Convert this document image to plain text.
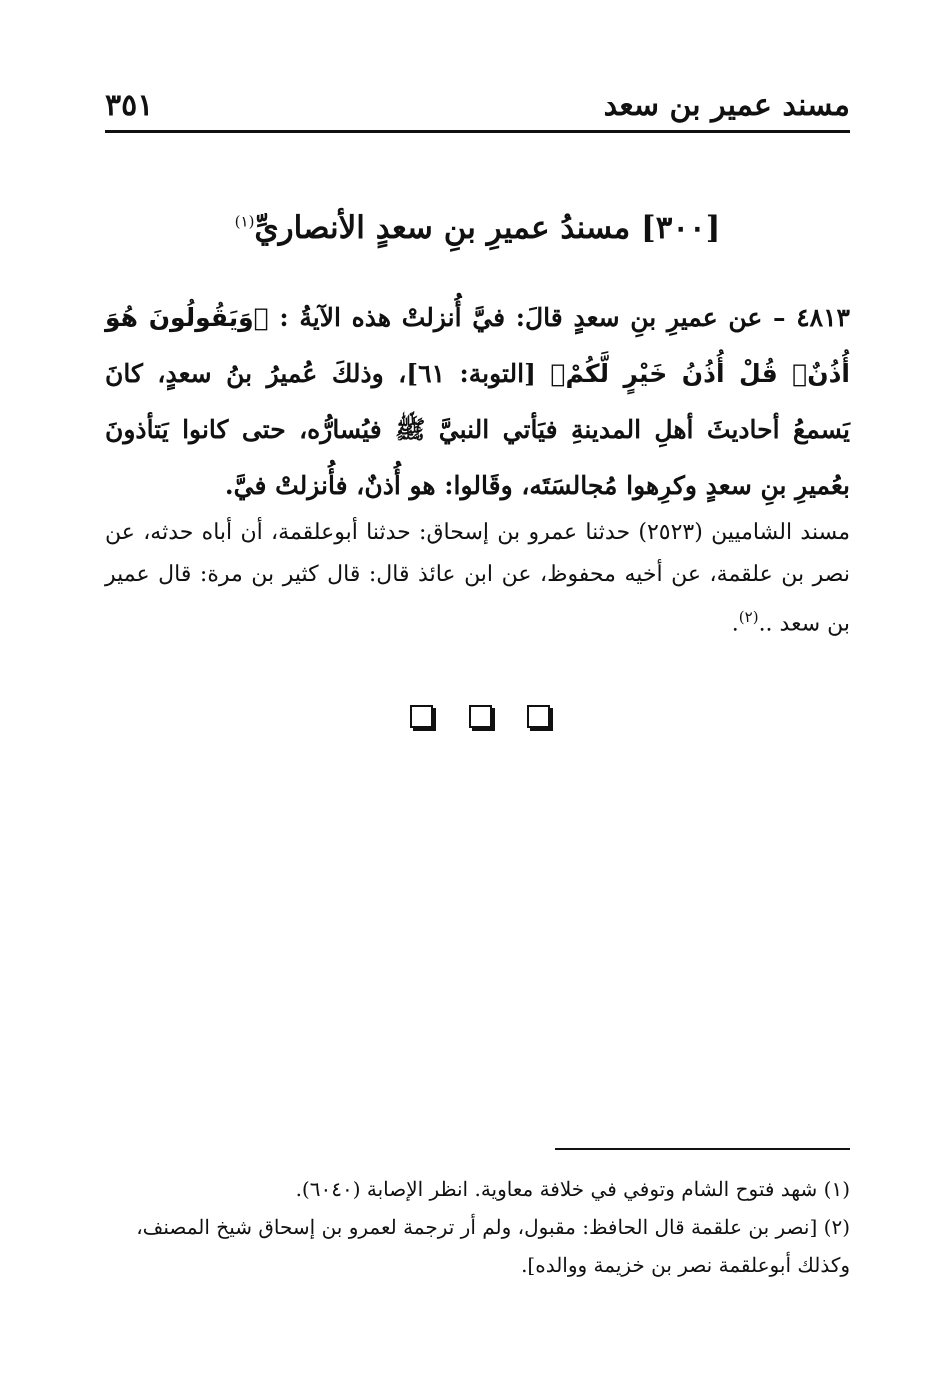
مسند عمير بن سعد
٣٥١
[٣٠٠] مسندُ عميرِ بنِ سعدٍ الأنصاريِّ$^{(١)}$
٤٨١٣ – عن عميرِ بنِ سعدٍ قالَ: فيَّ أُنزلتْ هذه الآيةُ : ﴿وَيَقُولُونَ هُوَ أُذُنٌۚ قُلْ أُذُنُ خَيْرٍ لَّكُمْ﴾ [التوبة: ٦١]، وذلكَ عُميرُ بنُ سعدٍ، كانَ يَسمعُ أحاديثَ أهلِ المدينةِ فيَأتي النبيَّ ﷺ فيُسارُّه، حتى كانوا يَتأذونَ بعُميرِ بنِ سعدٍ وكرِهوا مُجالسَتَه، وقَالوا: هو أُذنٌ، فأُنزلتْ فيَّ.
مسند الشاميين (٢٥٢٣) حدثنا عمرو بن إسحاق: حدثنا أبوعلقمة، أن أباه حدثه، عن نصر بن علقمة، عن أخيه محفوظ، عن ابن عائذ قال: قال كثير بن مرة: قال عمير بن سعد ..$^{(٢)}$.
(١) شهد فتوح الشام وتوفي في خلافة معاوية. انظر الإصابة (٦٠٤٠).
(٢) [نصر بن علقمة قال الحافظ: مقبول، ولم أر ترجمة لعمرو بن إسحاق شيخ المصنف، وكذلك أبوعلقمة نصر بن خزيمة ووالده].
